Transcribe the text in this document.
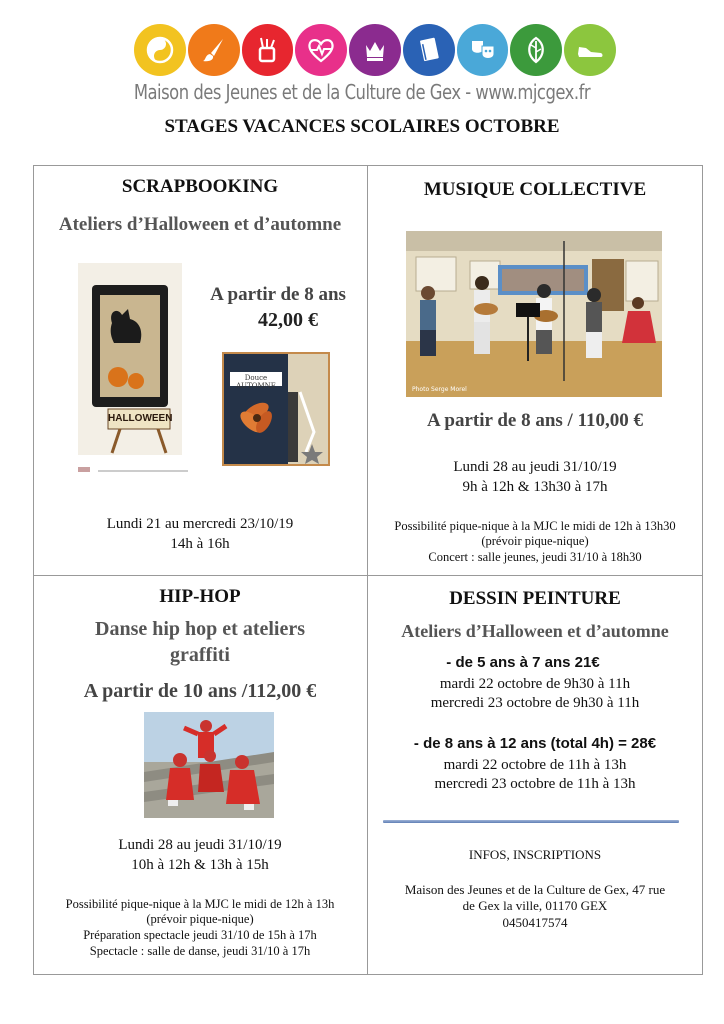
Maison des Jeunes et de la Culture de Gex - www.mjcgex.fr
STAGES VACANCES SCOLAIRES OCTOBRE
SCRAPBOOKING
Ateliers d’Halloween et d’automne
HALLOWEEN

A partir de 8 ans
42,00 €
Douce AUTOMNE
Lundi 21 au mercredi 23/10/19
14h à 16h
MUSIQUE COLLECTIVE
Photo Serge Morel
A partir de 8 ans / 110,00 €
Lundi 28 au jeudi 31/10/19
9h à 12h & 13h30 à 17h
Possibilité pique-nique à la MJC le midi de 12h à 13h30
(prévoir pique-nique)
Concert : salle jeunes, jeudi 31/10 à 18h30
HIP-HOP
Danse hip hop et ateliers
graffiti
A partir de 10 ans /112,00 €
Lundi 28 au jeudi 31/10/19
10h à 12h & 13h à 15h
Possibilité pique-nique à la MJC le midi de 12h à 13h
(prévoir pique-nique)
Préparation spectacle jeudi 31/10 de 15h à 17h
Spectacle : salle de danse, jeudi 31/10 à 17h
DESSIN PEINTURE
Ateliers d’Halloween et d’automne
- de 5 ans à 7 ans 21€
mardi 22 octobre de 9h30 à 11h
mercredi 23 octobre de 9h30 à 11h
- de 8 ans à 12 ans (total 4h) = 28€
mardi 22 octobre de 11h à 13h
mercredi 23 octobre de 11h à 13h
INFOS, INSCRIPTIONS
Maison des Jeunes et de la Culture de Gex, 47 rue
de Gex la ville, 01170 GEX
0450417574
